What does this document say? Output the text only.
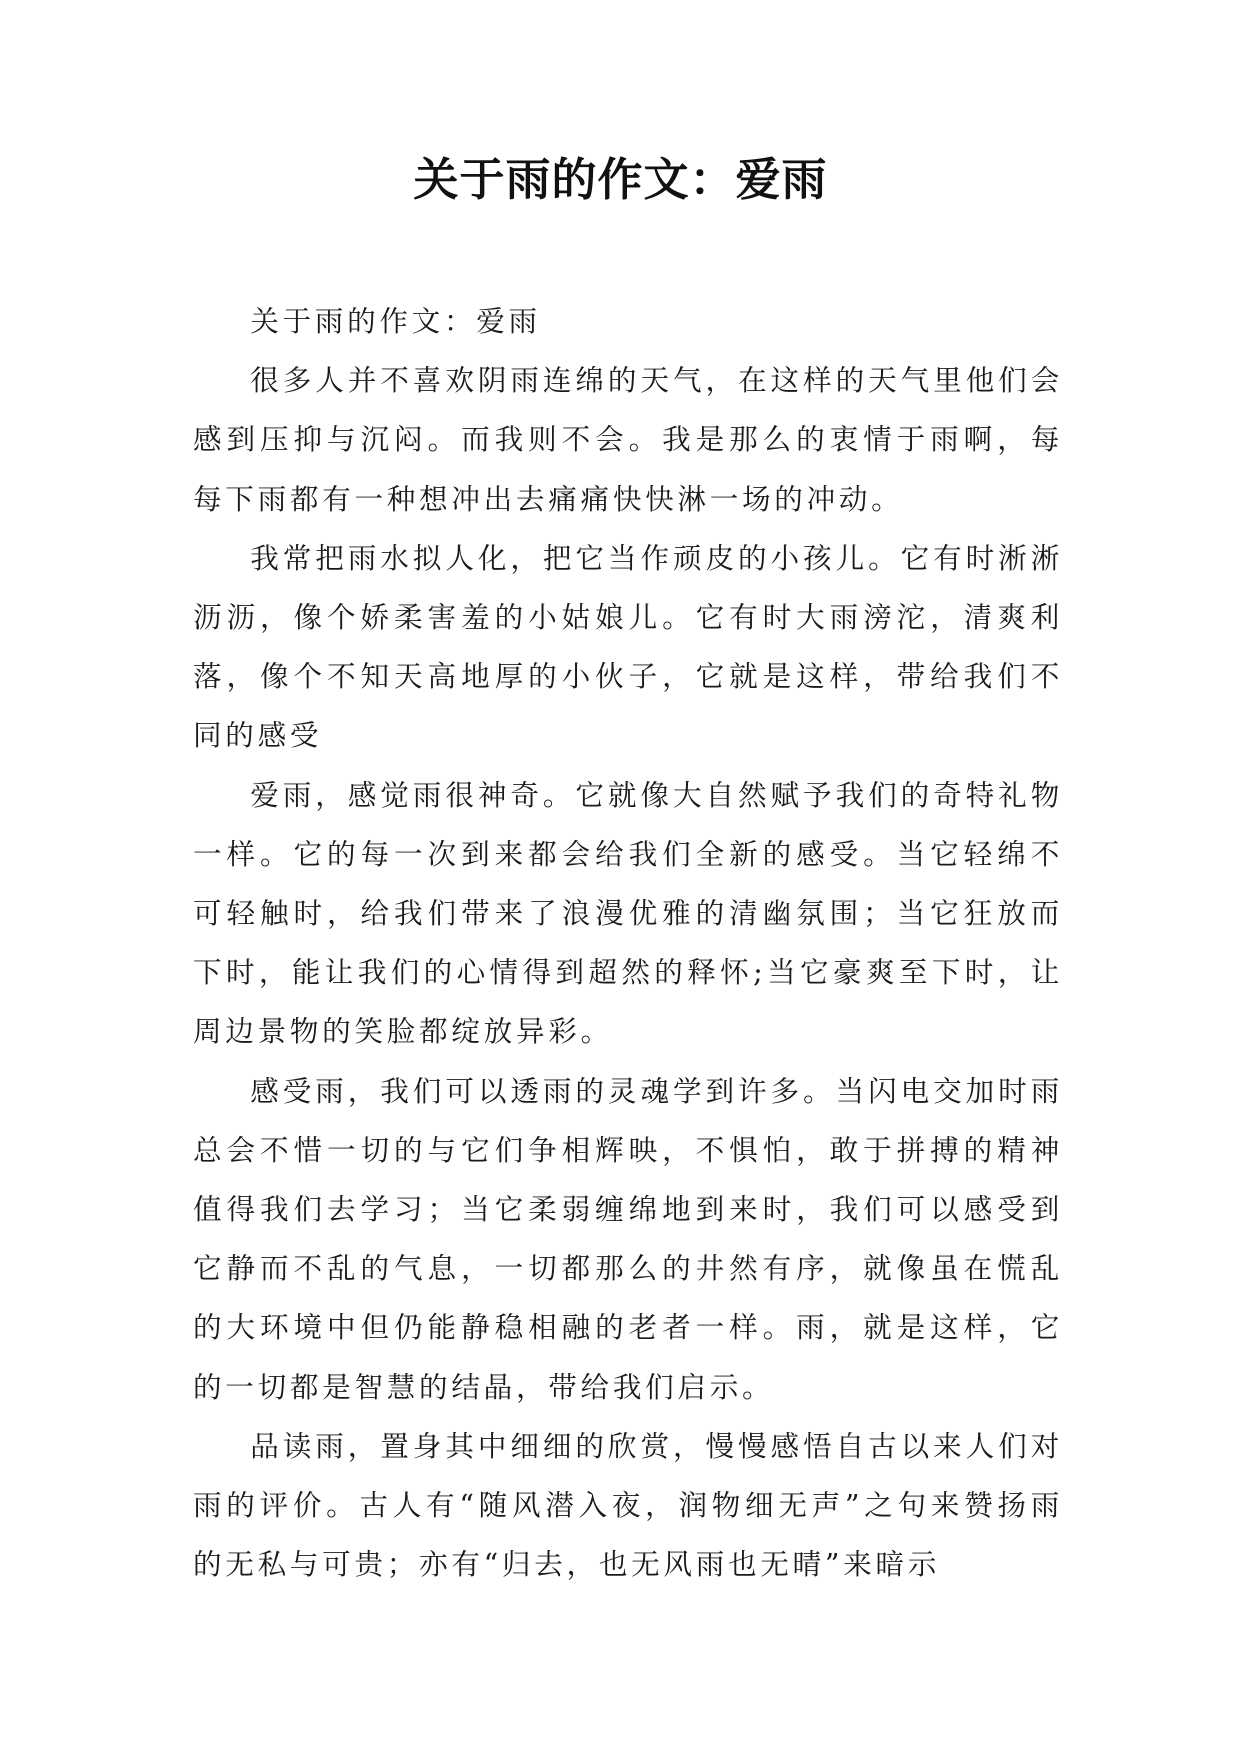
关于雨的作文：爱雨

关于雨的作文：爱雨

很多人并不喜欢阴雨连绵的天气，在这样的天气里他们会感到压抑与沉闷。而我则不会。我是那么的衷情于雨啊，每每下雨都有一种想冲出去痛痛快快淋一场的冲动。

我常把雨水拟人化，把它当作顽皮的小孩儿。它有时淅淅沥沥，像个娇柔害羞的小姑娘儿。它有时大雨滂沱，清爽利落，像个不知天高地厚的小伙子，它就是这样，带给我们不同的感受

爱雨，感觉雨很神奇。它就像大自然赋予我们的奇特礼物一样。它的每一次到来都会给我们全新的感受。当它轻绵不可轻触时，给我们带来了浪漫优雅的清幽氛围；当它狂放而下时，能让我们的心情得到超然的释怀;当它豪爽至下时，让周边景物的笑脸都绽放异彩。

感受雨，我们可以透雨的灵魂学到许多。当闪电交加时雨总会不惜一切的与它们争相辉映，不惧怕，敢于拼搏的精神值得我们去学习；当它柔弱缠绵地到来时，我们可以感受到它静而不乱的气息，一切都那么的井然有序，就像虽在慌乱的大环境中但仍能静稳相融的老者一样。雨，就是这样，它的一切都是智慧的结晶，带给我们启示。

品读雨，置身其中细细的欣赏，慢慢感悟自古以来人们对雨的评价。古人有“随风潜入夜，润物细无声”之句来赞扬雨的无私与可贵；亦有“归去，也无风雨也无晴”来暗示
